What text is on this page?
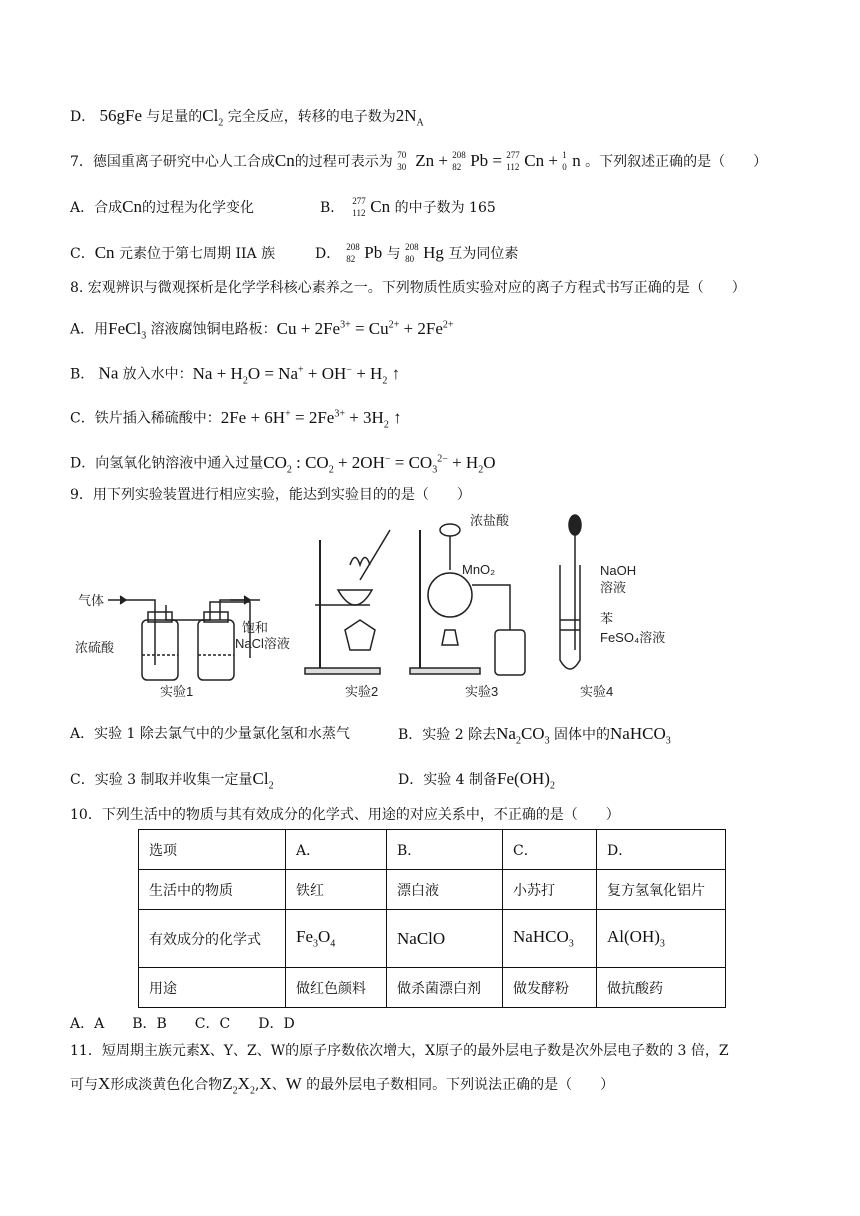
D． 56gFe 与足量的$Cl_2$ 完全反应，转移的电子数为$2N_A$
7．德国重离子研究中心人工合成Cn的过程可表示为 70
30 Zn + 208
82 Pb = 277
112 Cn + 1
0 n 。下列叙述正确的是（　　）
A．合成Cn的过程为化学变化	B． 277
112 Cn 的中子数为 165
C．Cn 元素位于第七周期 IIA 族	D． 208
82 Pb 与 208
80 Hg 互为同位素
8. 宏观辨识与微观探析是化学学科核心素养之一。下列物质性质实验对应的离子方程式书写正确的是（　　）
A．用FeCl$_3$ 溶液腐蚀铜电路板：$Cu + 2Fe^{3+} = Cu^{2+} + 2Fe^{2+}$
B． Na 放入水中：$Na + H_2O = Na^+ + OH^- + H_2$ ↑
C．铁片插入稀硫酸中：$2Fe + 6H^+ = 2Fe^{3+} + 3H_2$ ↑
D．向氢氧化钠溶液中通入过量$CO_2$ : $CO_2 + 2OH^- = CO_3^{2-} + H_2O$
9．用下列实验装置进行相应实验，能达到实验目的的是（　　）
气体
浓硫酸
饱和
NaCl溶液
实验1	实验2
浓盐酸
MnO₂
实验3
NaOH
溶液
苯
FeSO₄溶液
实验4
A．实验 1 除去氯气中的少量氯化氢和水蒸气	B．实验 2 除去$Na_2CO_3$ 固体中的NaHCO$_3$
C．实验 3 制取并收集一定量$Cl_2$	D．实验 4 制备$Fe(OH)_2$
10．下列生活中的物质与其有效成分的化学式、用途的对应关系中，不正确的是（　　）
选项	A．	B．	C．	D．
生活中的物质	铁红	漂白液	小苏打	复方氢氧化铝片
有效成分的化学式	$Fe_3O_4$	NaClO	NaHCO$_3$	$Al(OH)_3$
用途	做红色颜料	做杀菌漂白剂	做发酵粉	做抗酸药
A．A　　B．B　　C．C　　D．D
11．短周期主族元素X、Y、Z、W的原子序数依次增大，X原子的最外层电子数是次外层电子数的 3 倍，Z
可与X形成淡黄色化合物$Z_2X_2,X$、W 的最外层电子数相同。下列说法正确的是（　　）
